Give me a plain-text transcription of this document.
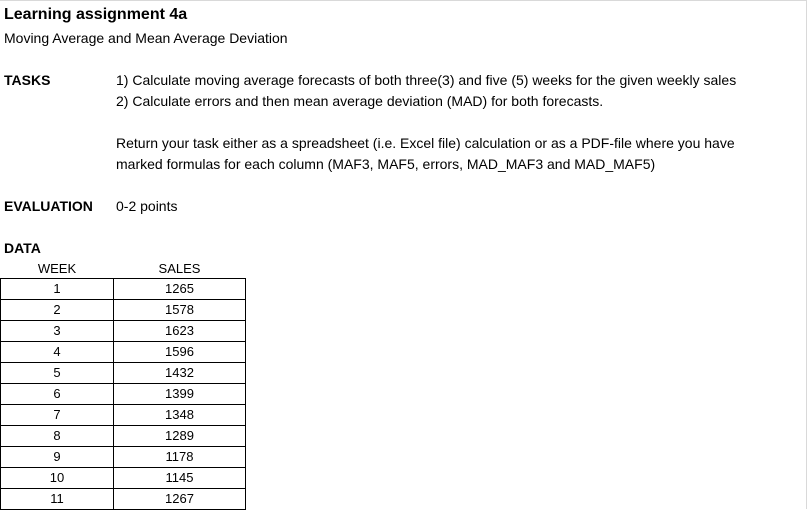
Learning assignment 4a
Moving Average and Mean Average Deviation
TASKS	1) Calculate moving average forecasts of both three(3) and five (5) weeks for the given weekly sales
2) Calculate errors and then mean average deviation (MAD) for both forecasts.
Return your task either as a spreadsheet (i.e. Excel file) calculation or as a PDF-file where you have
marked formulas for each column (MAF3, MAF5, errors, MAD_MAF3 and MAD_MAF5)
EVALUATION 0-2 points
DATA
WEEK	SALES
1	1265
2	1578
3	1623
4	1596
5	1432
6	1399
7	1348
8	1289
9	1178
10	1145
11	1267
